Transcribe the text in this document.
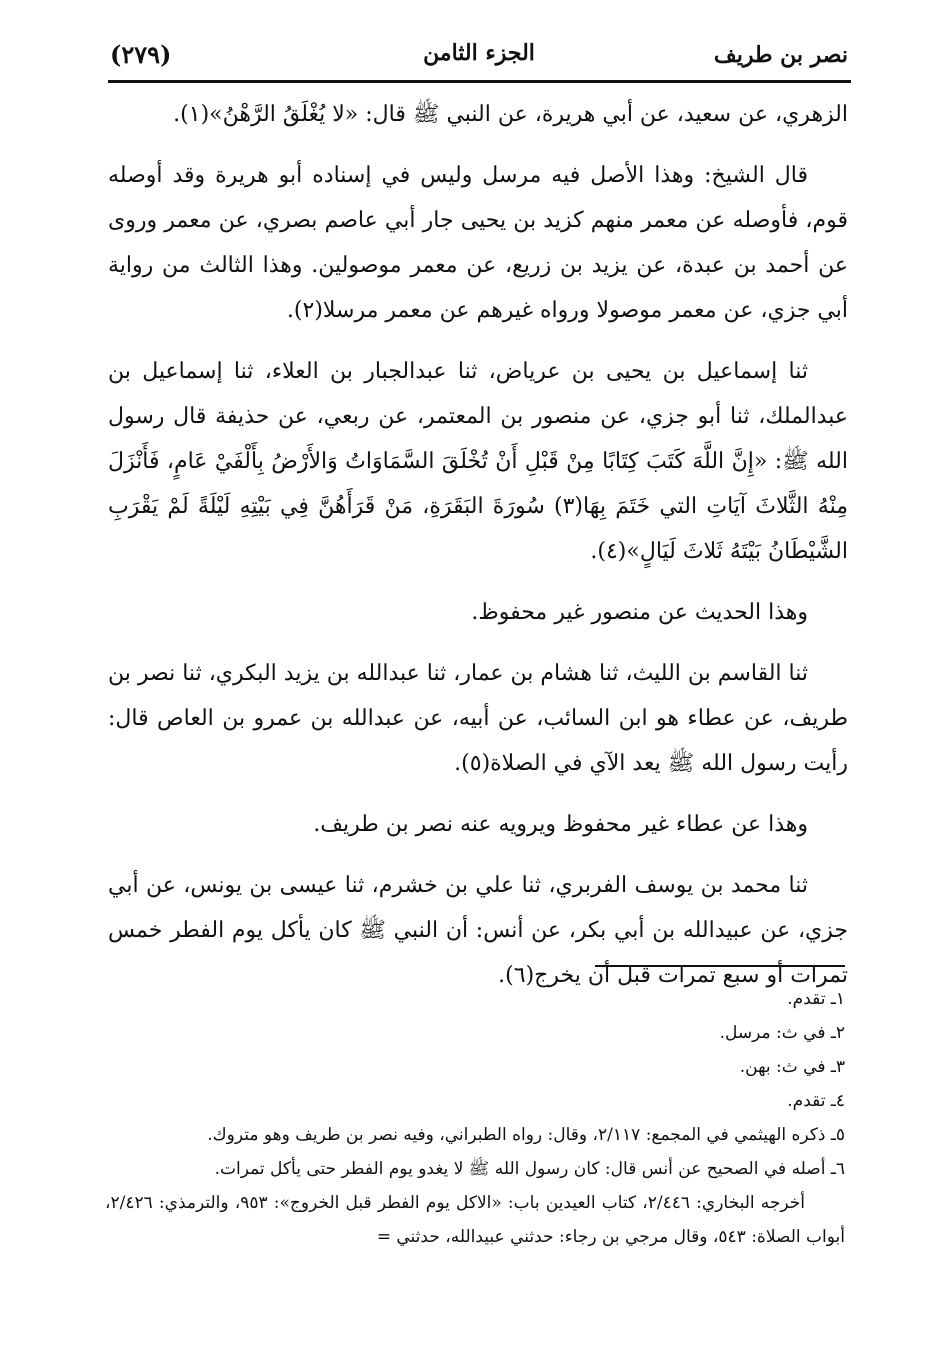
نصر بن طريف
الجزء الثامن
(٢٧٩)

الزهري، عن سعيد، عن أبي هريرة، عن النبي ﷺ قال: «لا يُغْلَقُ الرَّهْنُ»(١).

قال الشيخ: وهذا الأصل فيه مرسل وليس في إسناده أبو هريرة وقد أوصله قوم، فأوصله عن معمر منهم كزيد بن يحيى جار أبي عاصم بصري، عن معمر وروى عن أحمد بن عبدة، عن يزيد بن زريع، عن معمر موصولين. وهذا الثالث من رواية أبي جزي، عن معمر موصولا ورواه غيرهم عن معمر مرسلا(٢).

ثنا إسماعيل بن يحيى بن عرياض، ثنا عبدالجبار بن العلاء، ثنا إسماعيل بن عبدالملك، ثنا أبو جزي، عن منصور بن المعتمر، عن ربعي، عن حذيفة قال رسول الله ﷺ: «إِنَّ اللَّهَ كَتَبَ كِتَابًا مِنْ قَبْلِ أَنْ تُخْلَقَ السَّمَاوَاتُ وَالأَرْضُ بِأَلْفَيْ عَامٍ، فَأَنْزَلَ مِنْهُ الثَّلاثَ آيَاتِ التي خَتَمَ بِهَا(٣) سُورَةَ البَقَرَةِ، مَنْ قَرَأَهُنَّ فِي بَيْتِهِ لَيْلَةً لَمْ يَقْرَبِ الشَّيْطَانُ بَيْتَهُ ثَلاثَ لَيَالٍ»(٤).

وهذا الحديث عن منصور غير محفوظ.

ثنا القاسم بن الليث، ثنا هشام بن عمار، ثنا عبدالله بن يزيد البكري، ثنا نصر بن طريف، عن عطاء هو ابن السائب، عن أبيه، عن عبدالله بن عمرو بن العاص قال: رأيت رسول الله ﷺ يعد الآي في الصلاة(٥).

وهذا عن عطاء غير محفوظ ويرويه عنه نصر بن طريف.

ثنا محمد بن يوسف الفربري، ثنا علي بن خشرم، ثنا عيسى بن يونس، عن أبي جزي، عن عبيدالله بن أبي بكر، عن أنس: أن النبي ﷺ كان يأكل يوم الفطر خمس تمرات أو سبع تمرات قبل أن يخرج(٦).

١ـ تقدم.

٢ـ في ث: مرسل.

٣ـ في ث: بهن.

٤ـ تقدم.

٥ـ ذكره الهيثمي في المجمع: ٢/١١٧، وقال: رواه الطبراني، وفيه نصر بن طريف وهو متروك.

٦ـ أصله في الصحيح عن أنس قال: كان رسول الله ﷺ لا يغدو يوم الفطر حتى يأكل تمرات.

أخرجه البخاري: ٢/٤٤٦، كتاب العيدين باب: «الاكل يوم الفطر قبل الخروج»: ٩٥٣، والترمذي: ٢/٤٢٦، أبواب الصلاة: ٥٤٣، وقال مرجي بن رجاء: حدثني عبيدالله، حدثني =
